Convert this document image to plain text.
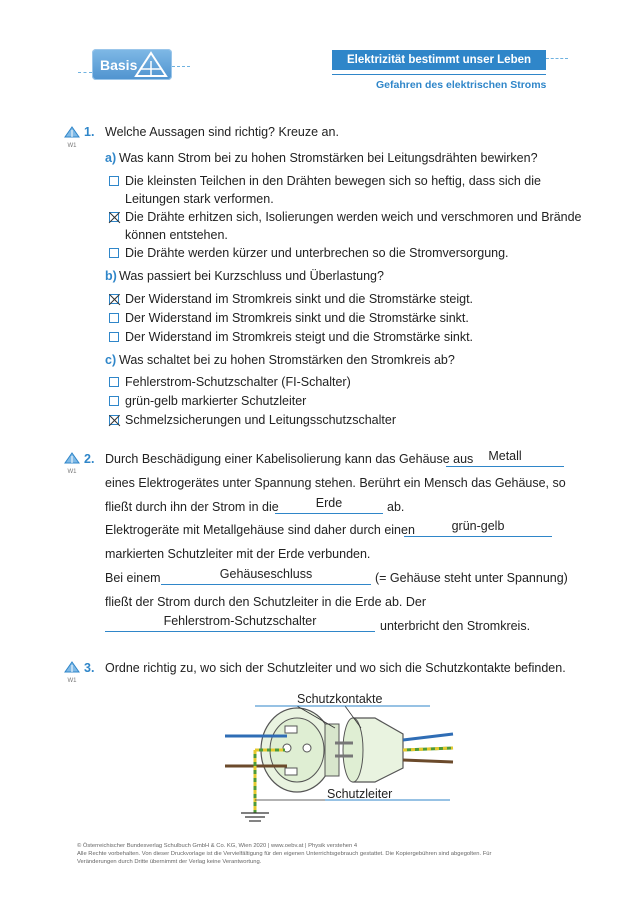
Basis	Elektrizität bestimmt unser Leben
Gefahren des elektrischen Stroms
W1
1. Welche Aussagen sind richtig? Kreuze an.
a) Was kann Strom bei zu hohen Stromstärken bei Leitungsdrähten bewirken?
Die kleinsten Teilchen in den Drähten bewegen sich so heftig, dass sich die
Leitungen stark verformen.
Die Drähte erhitzen sich, Isolierungen werden weich und verschmoren und Brände
können entstehen.
Die Drähte werden kürzer und unterbrechen so die Stromversorgung.
b) Was passiert bei Kurzschluss und Überlastung?
Der Widerstand im Stromkreis sinkt und die Stromstärke steigt.
Der Widerstand im Stromkreis sinkt und die Stromstärke sinkt.
Der Widerstand im Stromkreis steigt und die Stromstärke sinkt.
c) Was schaltet bei zu hohen Stromstärken den Stromkreis ab?
Fehlerstrom-Schutzschalter (FI-Schalter)
grün-gelb markierter Schutzleiter
Schmelzsicherungen und Leitungsschutzschalter
W1
2. Durch Beschädigung einer Kabelisolierung kann das Gehäuse aus	Metall
eines Elektrogerätes unter Spannung stehen. Berührt ein Mensch das Gehäuse, so
fließt durch ihn der Strom in die	Erde	ab.
Elektrogeräte mit Metallgehäuse sind daher durch einen	grün-gelb
markierten Schutzleiter mit der Erde verbunden.
Bei einem	Gehäuseschluss	(= Gehäuse steht unter Spannung)
fließt der Strom durch den Schutzleiter in die Erde ab. Der
Fehlerstrom-Schutzschalter	unterbricht den Stromkreis.
W1
3. Ordne richtig zu, wo sich der Schutzleiter und wo sich die Schutzkontakte befinden.
Schutzkontakte
Schutzleiter
© Österreichischer Bundesverlag Schulbuch GmbH & Co. KG, Wien 2020 | www.oebv.at | Physik verstehen 4
Alle Rechte vorbehalten. Von dieser Druckvorlage ist die Vervielfältigung für den eigenen Unterrichtsgebrauch gestattet. Die Kopiergebühren sind abgegolten. Für
Veränderungen durch Dritte übernimmt der Verlag keine Verantwortung.
